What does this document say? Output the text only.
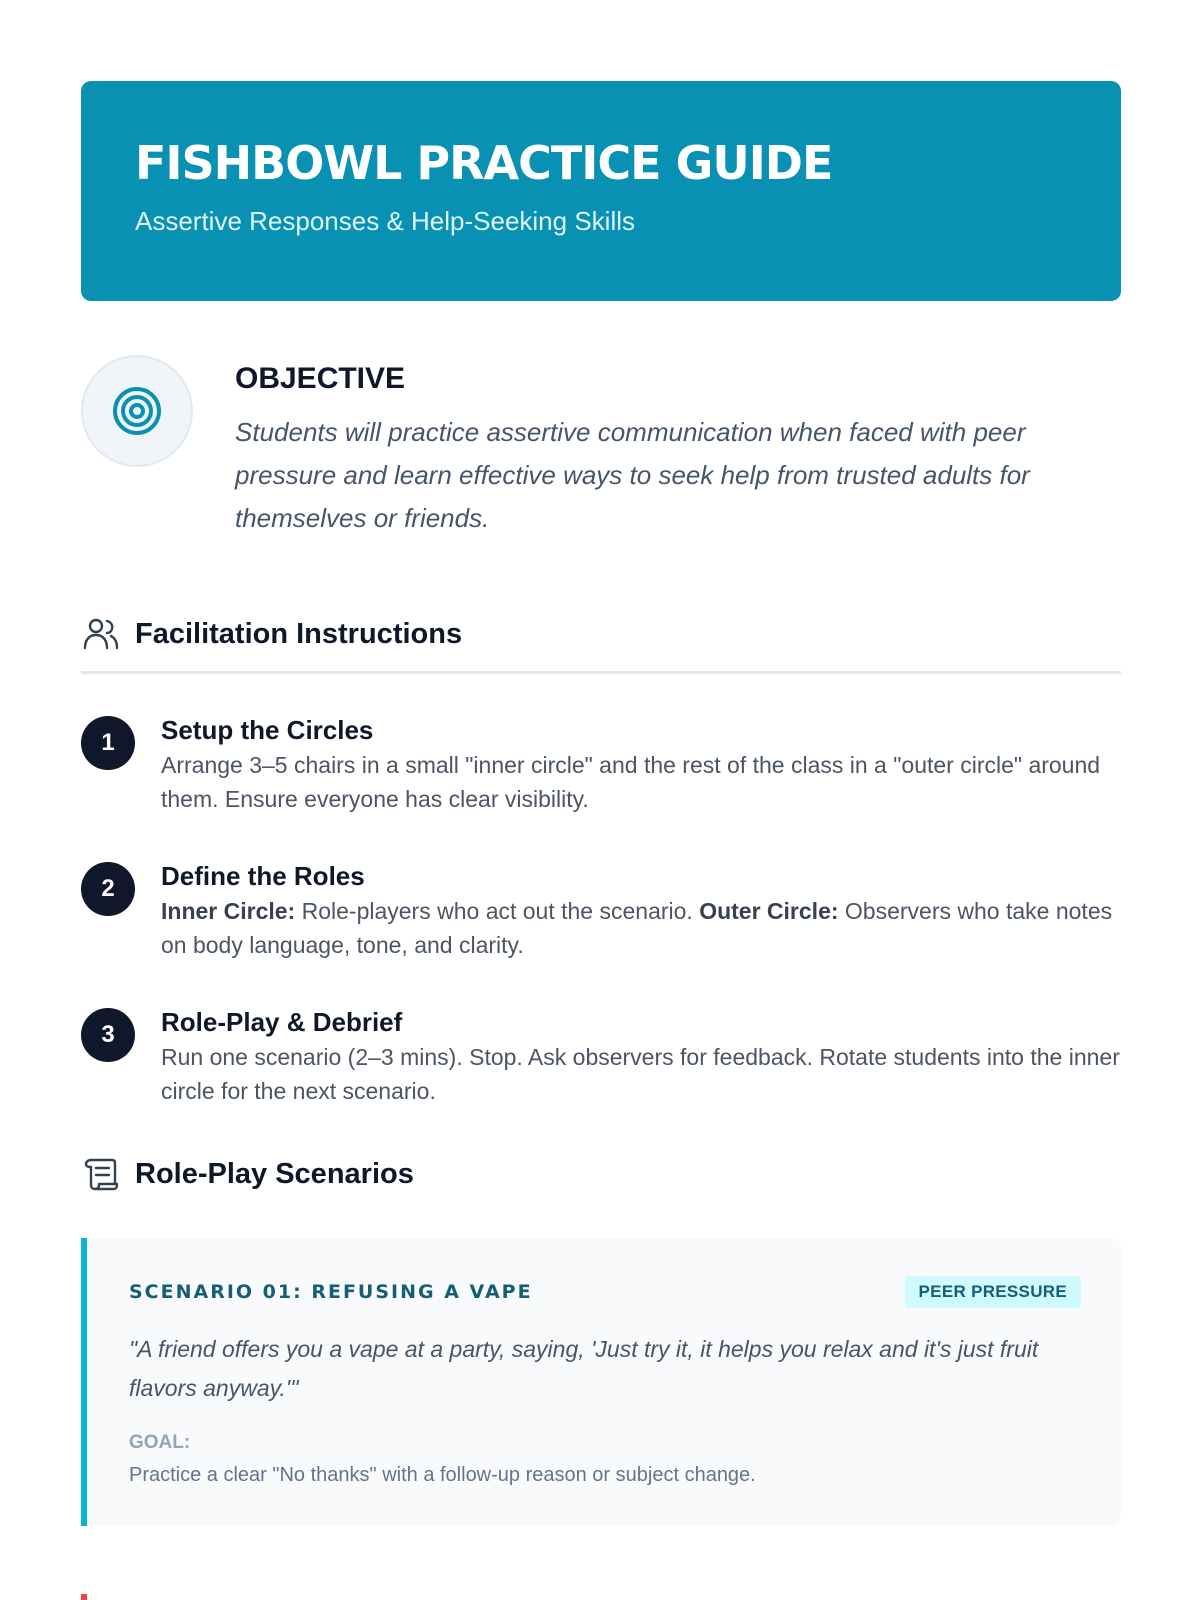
FISHBOWL PRACTICE GUIDE
Assertive Responses & Help-Seeking Skills
OBJECTIVE
Students will practice assertive communication when faced with peer pressure and learn effective ways to seek help from trusted adults for themselves or friends.
Facilitation Instructions
1	Setup the Circles
Arrange 3–5 chairs in a small "inner circle" and the rest of the class in a "outer circle" around them. Ensure everyone has clear visibility.
2	Define the Roles
Inner Circle: Role-players who act out the scenario. Outer Circle: Observers who take notes on body language, tone, and clarity.
3	Role-Play & Debrief
Run one scenario (2–3 mins). Stop. Ask observers for feedback. Rotate students into the inner circle for the next scenario.
Role-Play Scenarios
SCENARIO 01: REFUSING A VAPE	PEER PRESSURE
"A friend offers you a vape at a party, saying, 'Just try it, it helps you relax and it's just fruit flavors anyway.'"
GOAL:
Practice a clear "No thanks" with a follow-up reason or subject change.
